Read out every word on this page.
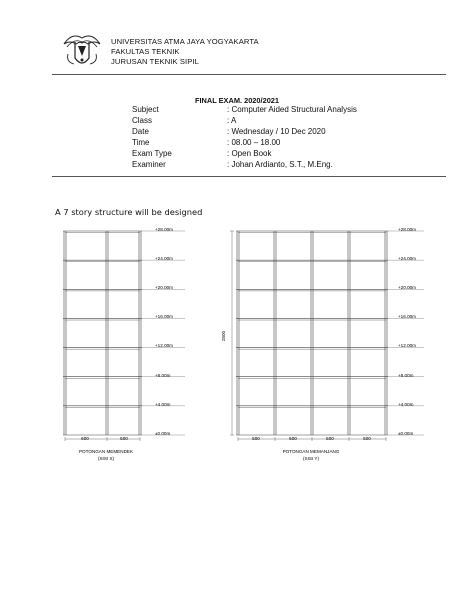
UNIVERSITAS ATMA JAYA YOGYAKARTA
FAKULTAS TEKNIK
JURUSAN TEKNIK SIPIL
FINAL EXAM. 2020/2021
Subject	: Computer Aided Structural Analysis
Class	: A
Date	: Wednesday / 10 Dec 2020
Time	: 08.00 – 18.00
Exam Type	: Open Book
Examiner	: Johan Ardianto, S.T., M.Eng.
A 7 story structure will be designed
+28.00m
+24.00m
+20.00m
+16.00m
+12.00m
+8.00m
+4.00m
±0.00m
600	500
POTONGAN MEMENDEK
(SISI X)
2800
+28.00m
+24.00m
+20.00m
+16.00m
+12.00m
+8.00m
+4.00m
±0.00m
500	500	500	500
POTONGAN MEMANJANG
(SISI Y)
